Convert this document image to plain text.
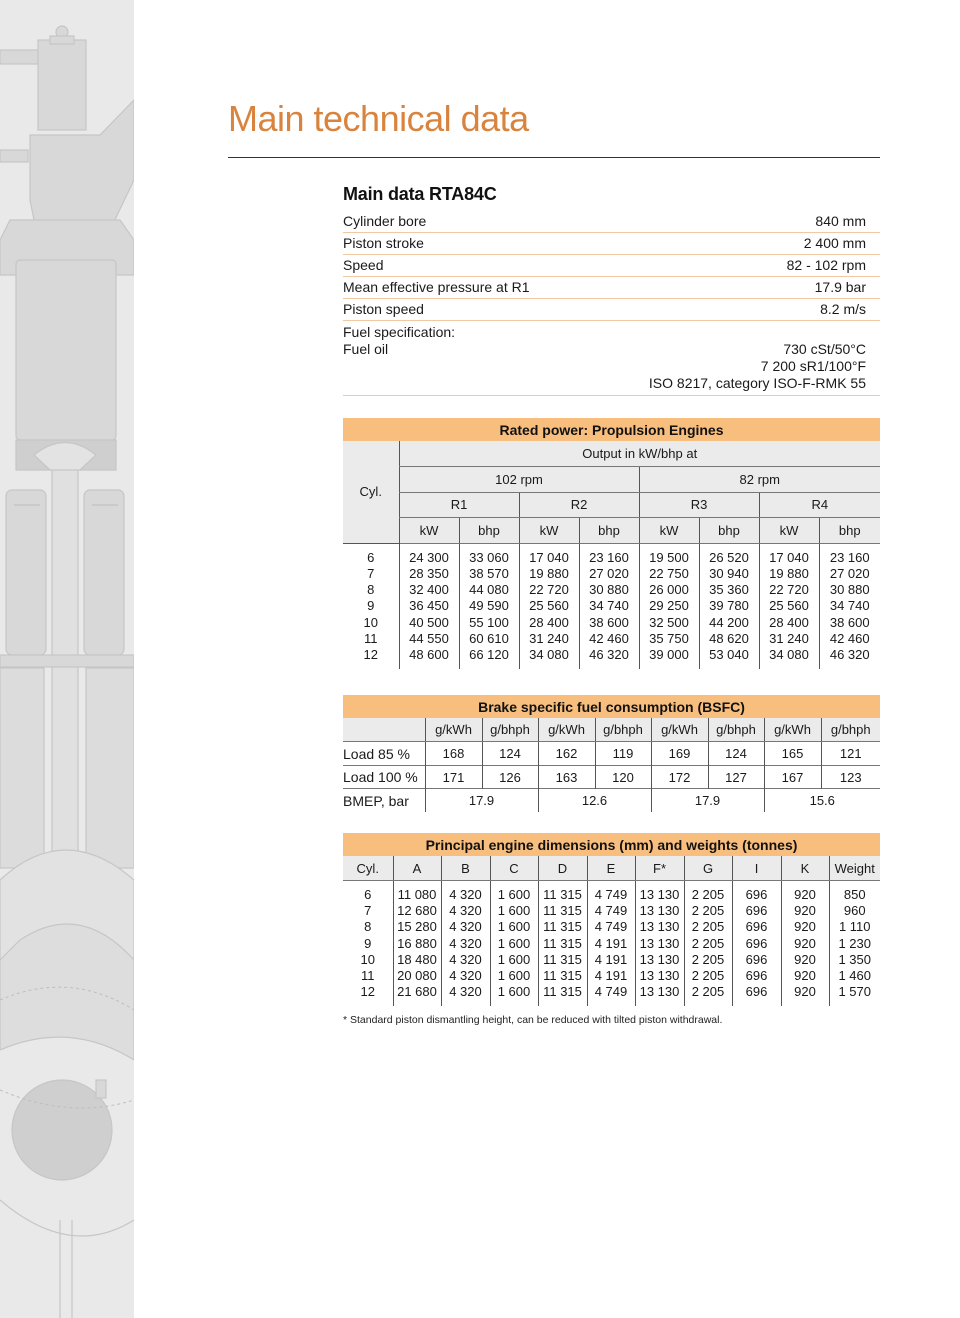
Main technical data
Main data RTA84C
Cylinder bore	840 mm
Piston stroke	2 400 mm
Speed	82 - 102 rpm
Mean effective pressure at R1	17.9 bar
Piston speed	8.2 m/s
Fuel specification:
Fuel oil	730 cSt/50°C
7 200 sR1/100°F
ISO 8217, category ISO-F-RMK 55
Rated power: Propulsion Engines								
Cyl.	Output in kW/bhp at							
	102 rpm				82 rpm			
	R1		R2		R3		R4	
	kW	bhp	kW	bhp	kW	bhp	kW	bhp
6	24 300	33 060	17 040	23 160	19 500	26 520	17 040	23 160
7	28 350	38 570	19 880	27 020	22 750	30 940	19 880	27 020
8	32 400	44 080	22 720	30 880	26 000	35 360	22 720	30 880
9	36 450	49 590	25 560	34 740	29 250	39 780	25 560	34 740
10	40 500	55 100	28 400	38 600	32 500	44 200	28 400	38 600
11	44 550	60 610	31 240	42 460	35 750	48 620	31 240	42 460
12	48 600	66 120	34 080	46 320	39 000	53 040	34 080	46 320
Brake specific fuel consumption (BSFC)								
	g/kWh	g/bhph	g/kWh	g/bhph	g/kWh	g/bhph	g/kWh	g/bhph
Load 85 %	168	124	162	119	169	124	165	121
Load 100 %	171	126	163	120	172	127	167	123
BMEP, bar	17.9		12.6		17.9		15.6	
Principal engine dimensions (mm) and weights (tonnes)										
Cyl.	A	B	C	D	E	F*	G	I	K	Weight
6	11 080	4 320	1 600	11 315	4 749	13 130	2 205	696	920	850
7	12 680	4 320	1 600	11 315	4 749	13 130	2 205	696	920	960
8	15 280	4 320	1 600	11 315	4 749	13 130	2 205	696	920	1 110
9	16 880	4 320	1 600	11 315	4 191	13 130	2 205	696	920	1 230
10	18 480	4 320	1 600	11 315	4 191	13 130	2 205	696	920	1 350
11	20 080	4 320	1 600	11 315	4 191	13 130	2 205	696	920	1 460
12	21 680	4 320	1 600	11 315	4 749	13 130	2 205	696	920	1 570

* Standard piston dismantling height, can be reduced with tilted piston withdrawal.
